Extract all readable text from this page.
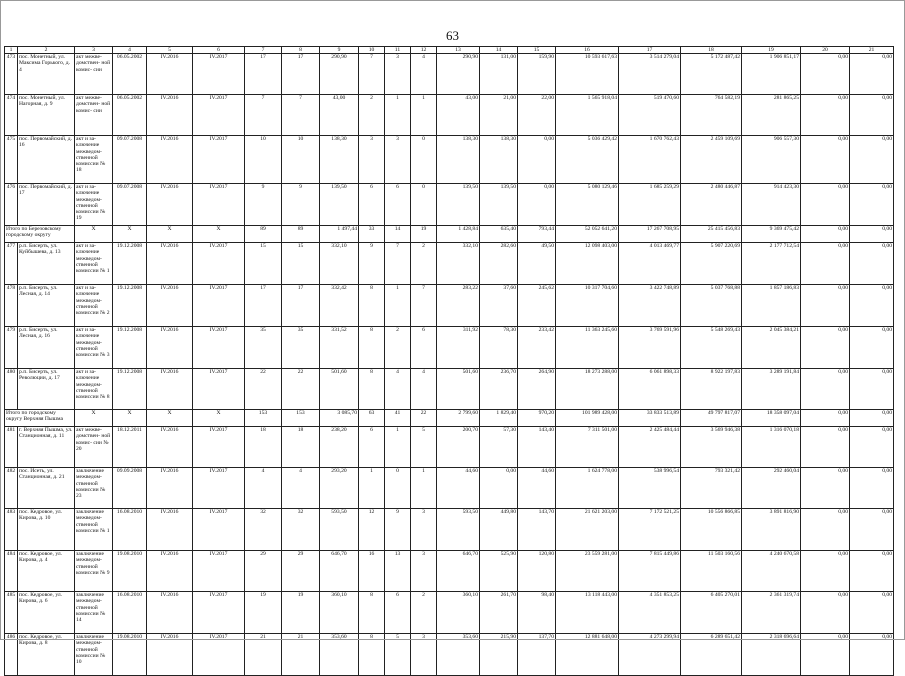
63
1	2	3	4	5	6	7	8	9	10	11	12	13	14	15	16	17	18	19	20	21
473	пос. Монетный, ул. Максима Горького, д. 4	акт межве- домствен- ной комис- сии	06.05.2002	IV.2016	IV.2017	17	17	290,90	7	3	4	290,90	131,00	159,90	10 593 617,63	3 514 279,04	5 172 487,42	1 906 851,17	0,00	0,00
474	пос. Монетный, ул. Нагорная, д. 9	акт межве- домствен- ной комис- сии	06.05.2002	IV.2016	IV.2017	7	7	43,00	2	1	1	43,00	21,00	22,00	1 565 918,04	519 470,60	764 582,19	281 865,25	0,00	0,00
475	пос. Первомайский, д. 16	акт и за- ключение межведом- ственной комиссии № 18	09.07.2008	IV.2016	IV.2017	10	10	138,30	3	3	0	138,30	138,30	0,00	5 036 429,42	1 670 762,43	2 459 109,69	906 557,30	0,00	0,00
476	пос. Первомайский, д. 17	акт и за- ключение межведом- ственной комиссии № 19	09.07.2008	IV.2016	IV.2017	9	9	139,50	6	6	0	139,50	139,50	0,00	5 080 129,46	1 685 259,29	2 480 446,87	914 423,30	0,00	0,00
Итого по Березовскому городскому округу		X	X	X	X	89	89	1 497,44	33	14	19	1 428,84	635,40	793,44	52 052 641,20	17 267 708,95	25 415 456,83	9 369 475,42	0,00	0,00
477	р.п. Бисерть, ул. Куйбышева, д. 13	акт и за- ключение межведом- ственной комиссии № 1	19.12.2008	IV.2016	IV.2017	15	15	332,10	9	7	2	332,10	282,60	49,50	12 098 403,00	4 013 469,77	5 907 220,69	2 177 712,54	0,00	0,00
478	р.п. Бисерть, ул. Лесная, д. 14	акт и за- ключение межведом- ственной комиссии № 2	19.12.2008	IV.2016	IV.2017	17	17	332,42	8	1	7	283,22	37,60	245,62	10 317 704,60	3 422 748,89	5 037 768,88	1 857 186,83	0,00	0,00
479	р.п. Бисерть, ул. Лесная, д. 16	акт и за- ключение межведом- ственной комиссии № 3	19.12.2008	IV.2016	IV.2017	35	35	331,52	8	2	6	311,92	78,30	233,42	11 363 245,60	3 769 591,96	5 548 269,43	2 045 384,21	0,00	0,00
480	р.п. Бисерть, ул. Революции, д. 17	акт и за- ключение межведом- ственной комиссии № 8	19.12.2008	IV.2016	IV.2017	22	22	501,60	8	4	4	501,60	236,70	264,90	18 273 288,00	6 061 898,33	8 922 197,83	3 289 191,84	0,00	0,00
Итого по городскому округу Верхняя Пышма		X	X	X	X	153	153	3 085,70	63	41	22	2 799,60	1 829,40	970,20	101 989 428,00	33 833 513,89	49 797 817,07	18 358 097,04	0,00	0,00
481	г. Верхняя Пышма, ул. Станционная, д. 11	акт межве- домствен- ной комис- сии № 20	18.12.2011	IV.2016	IV.2017	18	18	238,20	6	1	5	200,70	57,30	143,40	7 311 501,00	2 425 484,44	3 569 946,38	1 316 070,18	0,00	0,00
482	пос. Исеть, ул. Станционная, д. 21	заключение межведом- ственной комиссии № 23	09.09.2008	IV.2016	IV.2017	4	4	293,20	1	0	1	44,60	0,00	44,60	1 624 778,00	538 996,54	793 321,42	292 460,04	0,00	0,00
483	пос. Кедровое, ул. Кирова, д. 10	заключение межведом- ственной комиссии № 1	16.08.2010	IV.2016	IV.2017	32	32	593,50	12	9	3	593,50	449,80	143,70	21 621 203,00	7 172 521,25	10 556 866,85	3 891 816,90	0,00	0,00
484	пос. Кедровое, ул. Кирова, д. 4	заключение межведом- ственной комиссии № 9	19.08.2010	IV.2016	IV.2017	29	29	646,70	16	13	3	646,70	525,90	120,80	23 559 281,00	7 815 449,86	11 503 160,56	4 240 670,58	0,00	0,00
485	пос. Кедровое, ул. Кирова, д. 6	заключение межведом- ственной комиссии № 14	16.08.2010	IV.2016	IV.2017	19	19	360,10	8	6	2	360,10	261,70	98,40	13 118 443,00	4 351 853,25	6 405 270,01	2 361 319,74	0,00	0,00
486	пос. Кедровое, ул. Кирова, д. 8	заключение межведом- ственной комиссии № 10	19.08.2010	IV.2016	IV.2017	21	21	353,60	8	5	3	353,60	215,90	137,70	12 881 648,00	4 273 299,94	6 289 651,42	2 318 696,64	0,00	0,00
